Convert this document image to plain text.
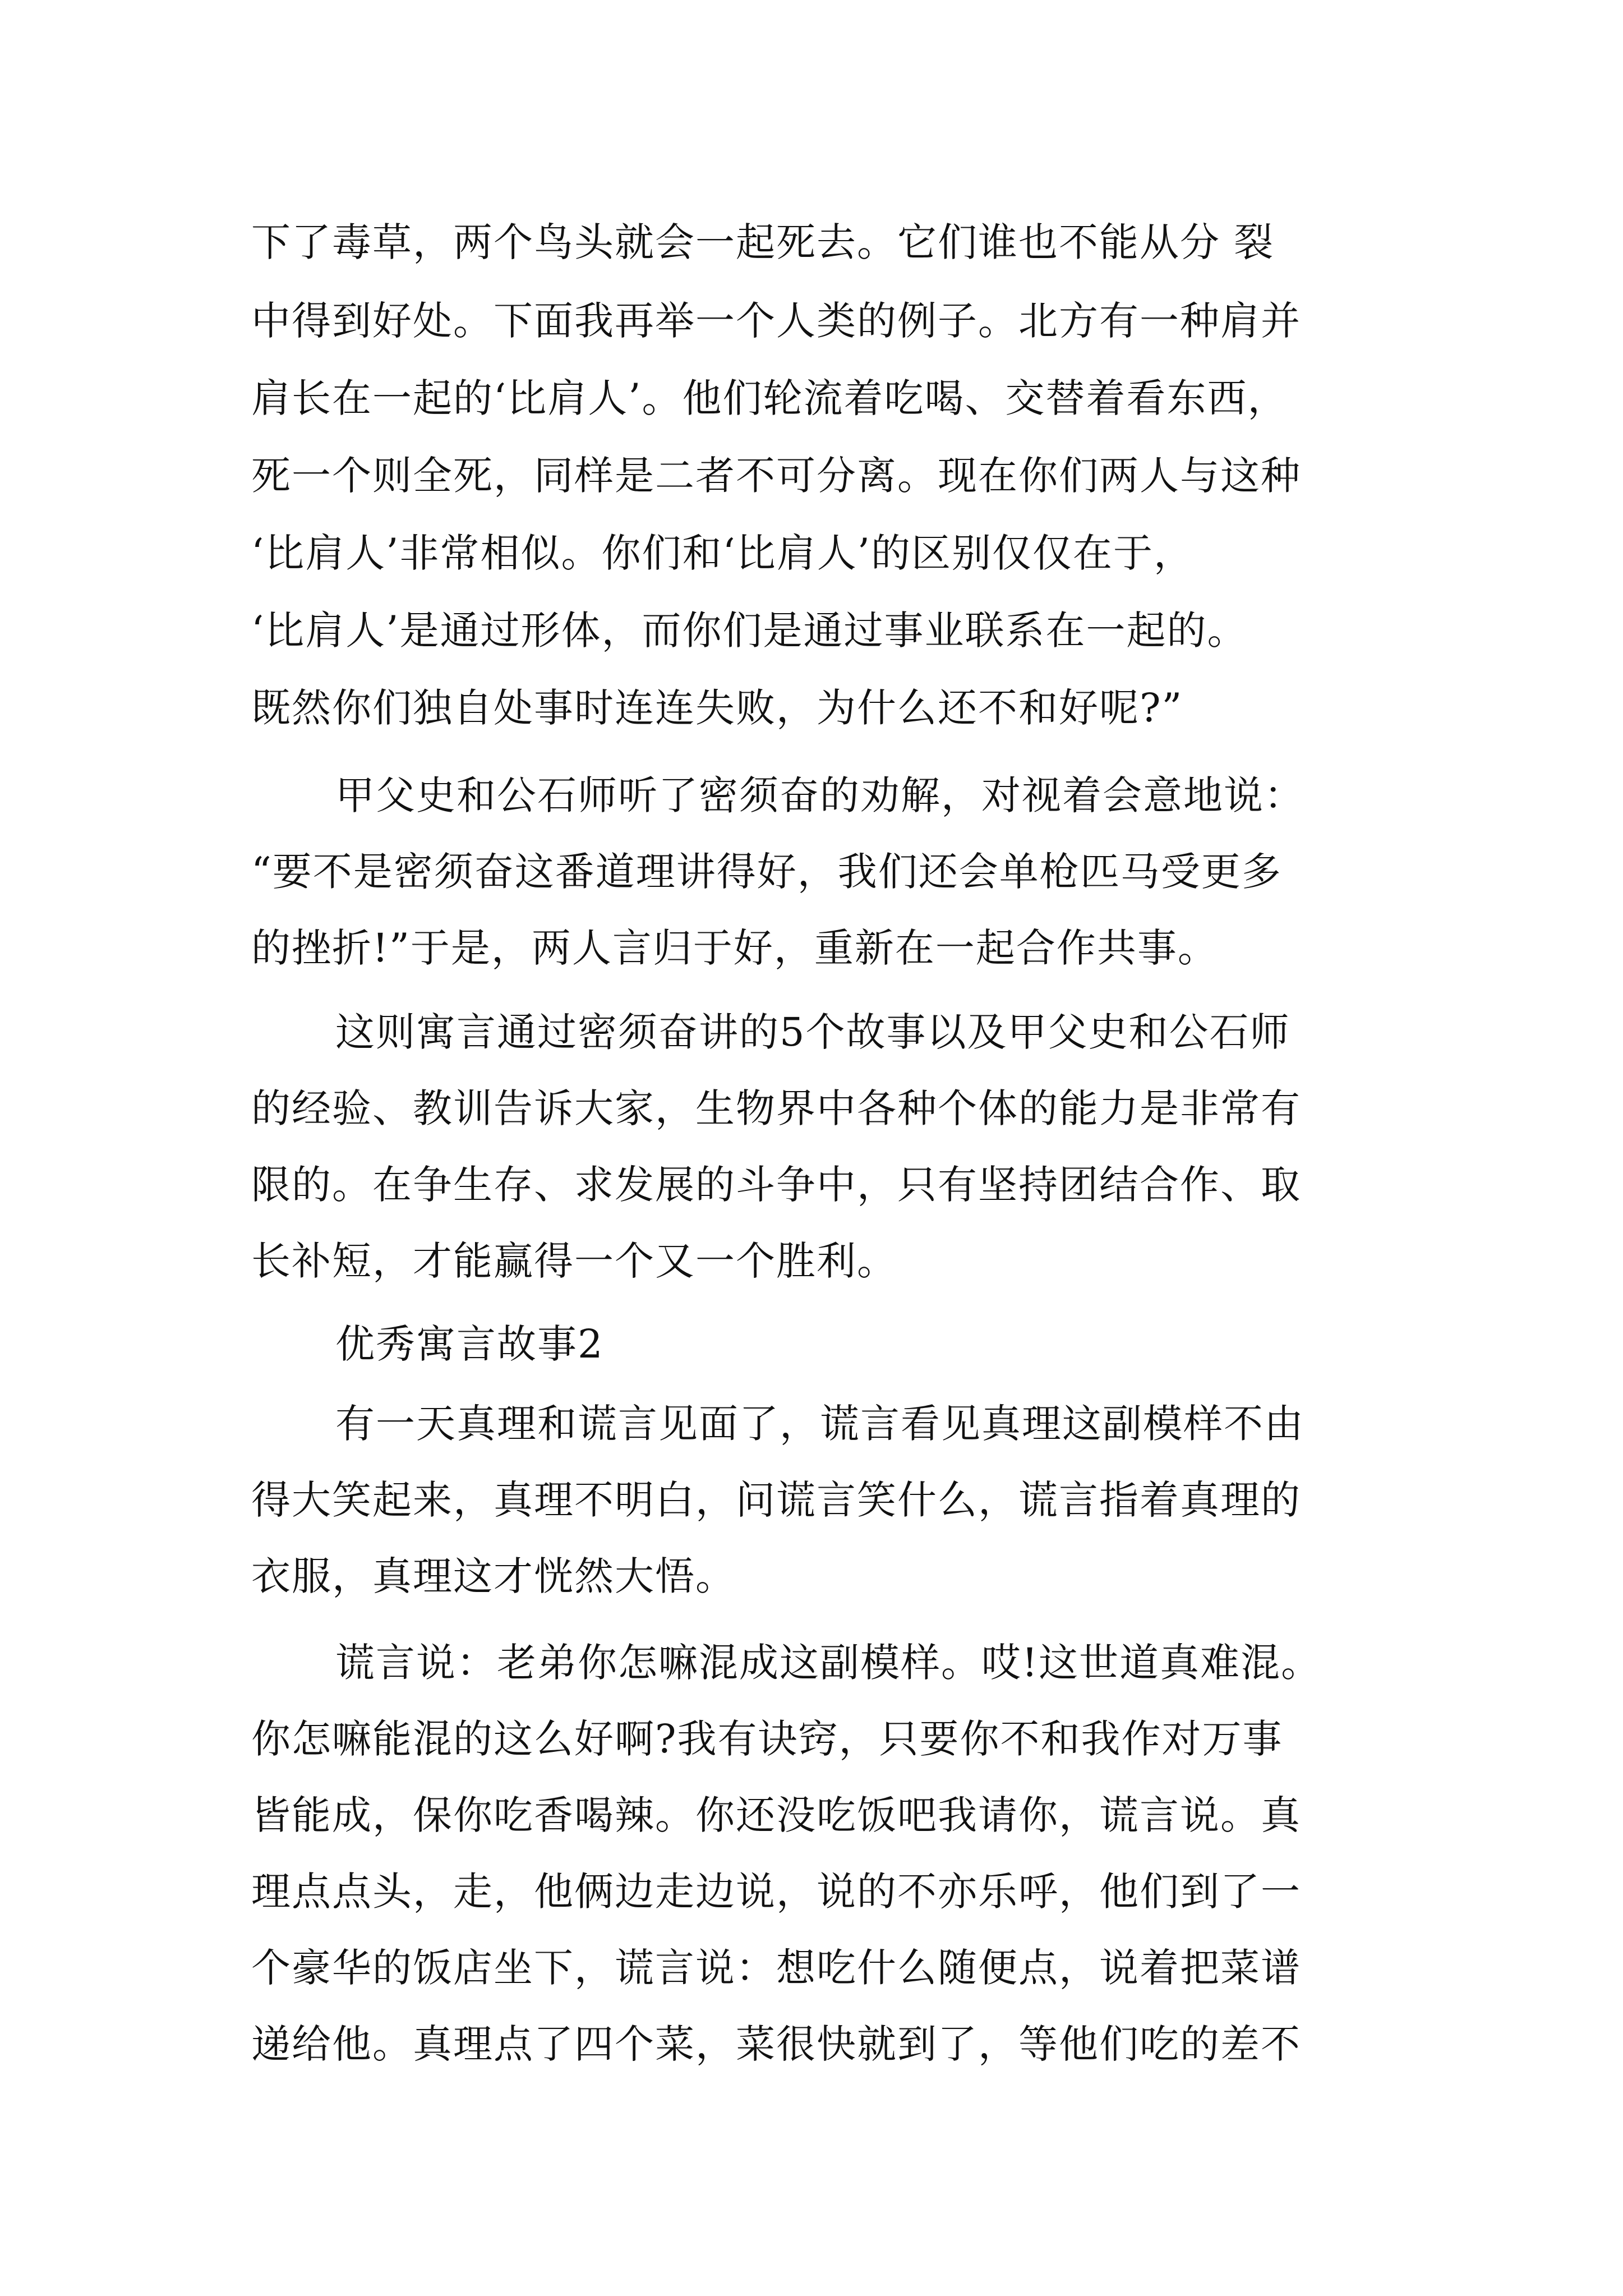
下了毒草，两个鸟头就会一起死去。它们谁也不能从分 裂
中得到好处。下面我再举一个人类的例子。北方有一种肩并
肩长在一起的‘比肩人’。他们轮流着吃喝、交替着看东西，
死一个则全死，同样是二者不可分离。现在你们两人与这种
‘比肩人’非常相似。你们和‘比肩人’的区别仅仅在于，
‘比肩人’是通过形体，而你们是通过事业联系在一起的。
既然你们独自处事时连连失败，为什么还不和好呢?”
甲父史和公石师听了密须奋的劝解，对视着会意地说：
“要不是密须奋这番道理讲得好，我们还会单枪匹马受更多
的挫折!”于是，两人言归于好，重新在一起合作共事。
这则寓言通过密须奋讲的5个故事以及甲父史和公石师
的经验、教训告诉大家，生物界中各种个体的能力是非常有
限的。在争生存、求发展的斗争中，只有坚持团结合作、取
长补短，才能赢得一个又一个胜利。
优秀寓言故事2
有一天真理和谎言见面了，谎言看见真理这副模样不由
得大笑起来，真理不明白，问谎言笑什么，谎言指着真理的
衣服，真理这才恍然大悟。
谎言说：老弟你怎嘛混成这副模样。哎!这世道真难混。
你怎嘛能混的这么好啊?我有诀窍，只要你不和我作对万事
皆能成，保你吃香喝辣。你还没吃饭吧我请你，谎言说。真
理点点头，走，他俩边走边说，说的不亦乐呼，他们到了一
个豪华的饭店坐下，谎言说：想吃什么随便点，说着把菜谱
递给他。真理点了四个菜，菜很快就到了，等他们吃的差不
